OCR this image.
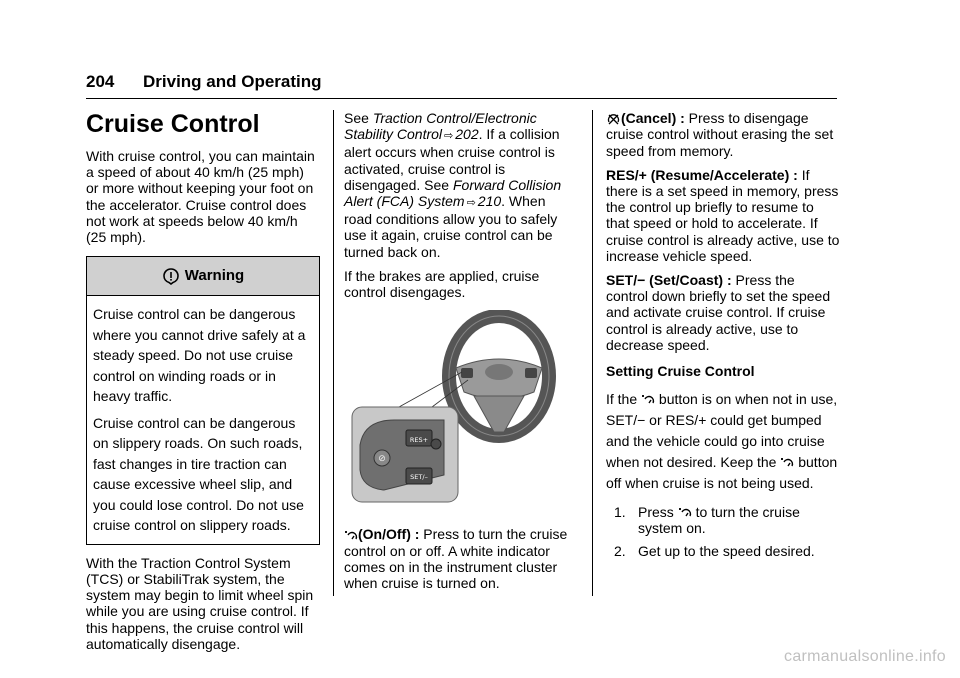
204 Driving and Operating
Cruise Control

With cruise control, you can maintain a speed of about 40 km/h (25 mph) or more without keeping your foot on the accelerator. Cruise control does not work at speeds below 40 km/h (25 mph).

Warning

Cruise control can be dangerous where you cannot drive safely at a steady speed. Do not use cruise control on winding roads or in heavy traffic.

Cruise control can be dangerous on slippery roads. On such roads, fast changes in tire traction can cause excessive wheel slip, and you could lose control. Do not use cruise control on slippery roads.

With the Traction Control System (TCS) or StabiliTrak system, the system may begin to limit wheel spin while you are using cruise control. If this happens, the cruise control will automatically disengage.

See Traction Control/Electronic Stability Control ⇨ 202. If a collision alert occurs when cruise control is activated, cruise control is disengaged. See Forward Collision Alert (FCA) System ⇨ 210. When road conditions allow you to safely use it again, cruise control can be turned back on.

If the brakes are applied, cruise control disengages.

⊘
RES+
SET/–

(On/Off) : Press to turn the cruise control on or off. A white indicator comes on in the instrument cluster when cruise is turned on.

(Cancel) : Press to disengage cruise control without erasing the set speed from memory.

RES/+ (Resume/Accelerate) : If there is a set speed in memory, press the control up briefly to resume to that speed or hold to accelerate. If cruise control is already active, use to increase vehicle speed.

SET/− (Set/Coast) : Press the control down briefly to set the speed and activate cruise control. If cruise control is already active, use to decrease speed.

Setting Cruise Control

If the  button is on when not in use, SET/− or RES/+ could get bumped and the vehicle could go into cruise when not desired. Keep the  button off when cruise is not being used.

1. Press  to turn the cruise system on.
2. Get up to the speed desired.
carmanualsonline.info
